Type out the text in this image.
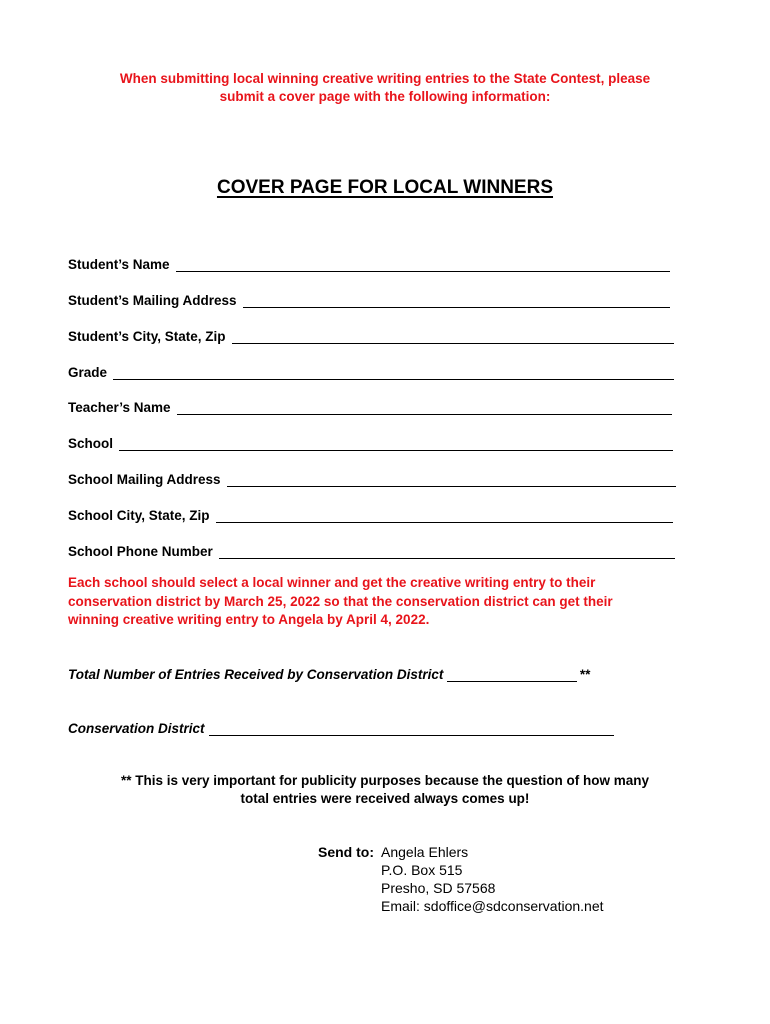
When submitting local winning creative writing entries to the State Contest, please
submit a cover page with the following information:
COVER PAGE FOR LOCAL WINNERS
Student’s Name
Student’s Mailing Address
Student’s City, State, Zip
Grade
Teacher’s Name
School
School Mailing Address
School City, State, Zip
School Phone Number
Each school should select a local winner and get the creative writing entry to their
conservation district by March 25, 2022 so that the conservation district can get their
winning creative writing entry to Angela by April 4, 2022.
Total Number of Entries Received by Conservation District	**
Conservation District
** This is very important for publicity purposes because the question of how many
total entries were received always comes up!
Send to: Angela Ehlers
P.O. Box 515
Presho, SD 57568
Email: sdoffice@sdconservation.net
